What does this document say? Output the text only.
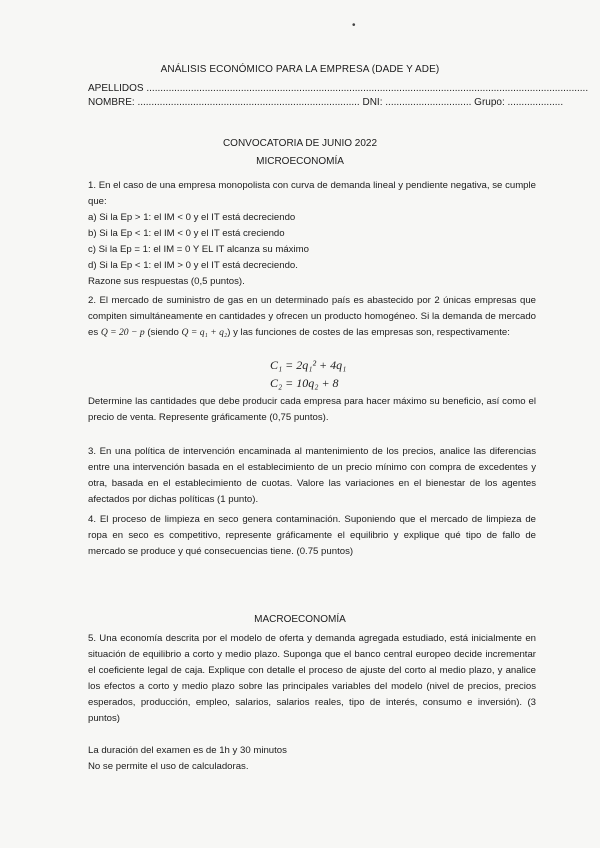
•
ANÁLISIS ECONÓMICO PARA LA EMPRESA (DADE Y ADE)
APELLIDOS ...............................................................................................................................................................
NOMBRE: ................................................................................ DNI: ............................... Grupo: ....................
CONVOCATORIA DE JUNIO 2022
MICROECONOMÍA

1. En el caso de una empresa monopolista con curva de demanda lineal y pendiente negativa, se cumple que:

a) Si la Ep > 1: el IM < 0 y el IT está decreciendo

b) Si la Ep < 1: el IM < 0 y el IT está creciendo

c) Si la Ep = 1: el IM = 0 Y EL IT alcanza su máximo

d) Si la Ep < 1: el IM > 0 y el IT está decreciendo.

Razone sus respuestas (0,5 puntos).

2. El mercado de suministro de gas en un determinado país es abastecido por 2 únicas empresas que compiten simultáneamente en cantidades y ofrecen un producto homogéneo. Si la demanda de mercado es Q = 20 − p (siendo Q = q₁ + q₂) y las funciones de costes de las empresas son, respectivamente:

C₁ = 2q₁² + 4q₁
C₂ = 10q₂ + 8
Determine las cantidades que debe producir cada empresa para hacer máximo su beneficio, así como el precio de venta. Represente gráficamente (0,75 puntos).
3. En una política de intervención encaminada al mantenimiento de los precios, analice las diferencias entre una intervención basada en el establecimiento de un precio mínimo con compra de excedentes y otra, basada en el establecimiento de cuotas. Valore las variaciones en el bienestar de los agentes afectados por dichas políticas (1 punto).
4. El proceso de limpieza en seco genera contaminación. Suponiendo que el mercado de limpieza de ropa en seco es competitivo, represente gráficamente el equilibrio y explique qué tipo de fallo de mercado se produce y qué consecuencias tiene. (0.75 puntos)
MACROECONOMÍA
5. Una economía descrita por el modelo de oferta y demanda agregada estudiado, está inicialmente en situación de equilibrio a corto y medio plazo. Suponga que el banco central europeo decide incrementar el coeficiente legal de caja. Explique con detalle el proceso de ajuste del corto al medio plazo, y analice los efectos a corto y medio plazo sobre las principales variables del modelo (nivel de precios, precios esperados, producción, empleo, salarios, salarios reales, tipo de interés, consumo e inversión). (3 puntos)
La duración del examen es de 1h y 30 minutos
No se permite el uso de calculadoras.
